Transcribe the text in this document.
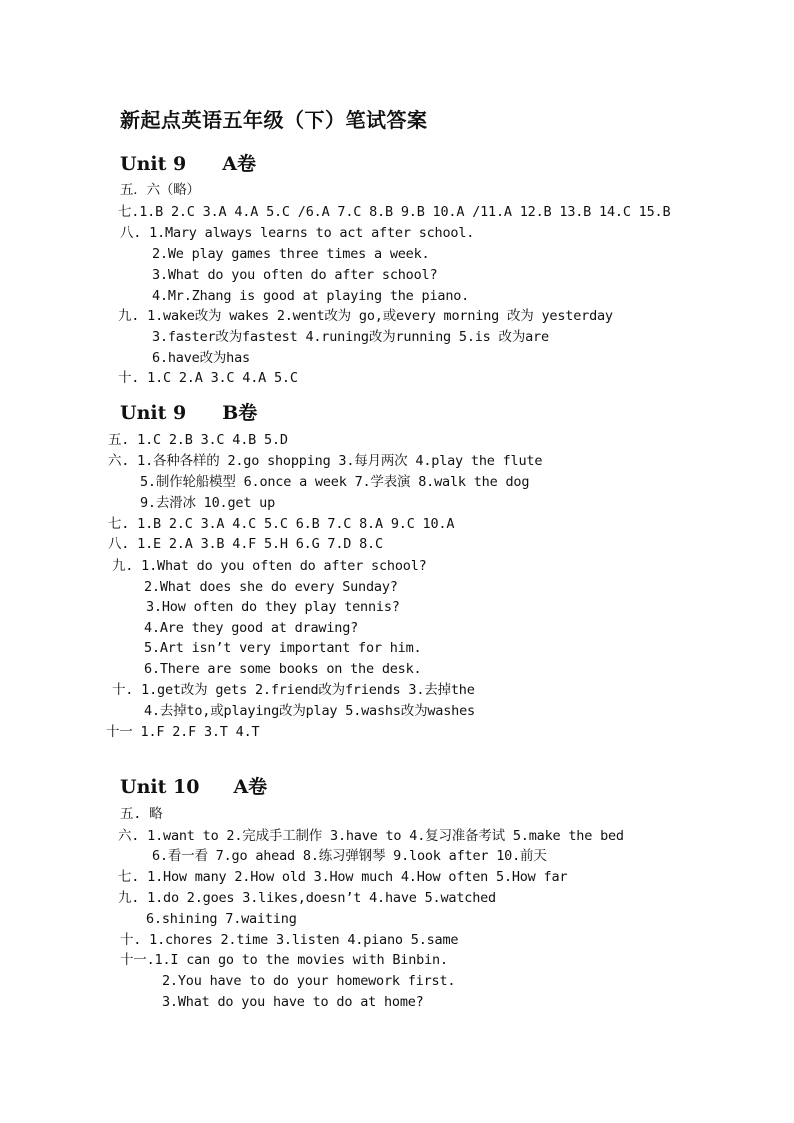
新起点英语五年级（下）笔试答案
Unit 9 A卷
五．六（略）
七.1.B 2.C 3.A 4.A 5.C /6.A 7.C 8.B 9.B 10.A /11.A 12.B 13.B 14.C 15.B
八. 1.Mary always learns to act after school.
2.We play games three times a week.
3.What do you often do after school?
4.Mr.Zhang is good at playing the piano.
九. 1.wake改为 wakes 2.went改为 go,或every morning 改为 yesterday
3.faster改为fastest 4.runing改为running 5.is 改为are
6.have改为has
十. 1.C 2.A 3.C 4.A 5.C
Unit 9 B卷
五. 1.C 2.B 3.C 4.B 5.D
六. 1.各种各样的 2.go shopping 3.每月两次 4.play the flute
5.制作轮船模型 6.once a week 7.学表演 8.walk the dog
9.去滑冰 10.get up
七. 1.B 2.C 3.A 4.C 5.C 6.B 7.C 8.A 9.C 10.A
八. 1.E 2.A 3.B 4.F 5.H 6.G 7.D 8.C
九. 1.What do you often do after school?
2.What does she do every Sunday?
3.How often do they play tennis?
4.Are they good at drawing?
5.Art isn’t very important for him.
6.There are some books on the desk.
十. 1.get改为 gets 2.friend改为friends 3.去掉the
4.去掉to,或playing改为play 5.washs改为washes
十一 1.F 2.F 3.T 4.T
Unit 10 A卷
五. 略
六. 1.want to 2.完成手工制作 3.have to 4.复习准备考试 5.make the bed
6.看一看 7.go ahead 8.练习弹钢琴 9.look after 10.前天
七. 1.How many 2.How old 3.How much 4.How often 5.How far
九. 1.do 2.goes 3.likes,doesn’t 4.have 5.watched
6.shining 7.waiting
十. 1.chores 2.time 3.listen 4.piano 5.same
十一.1.I can go to the movies with Binbin.
2.You have to do your homework first.
3.What do you have to do at home?
